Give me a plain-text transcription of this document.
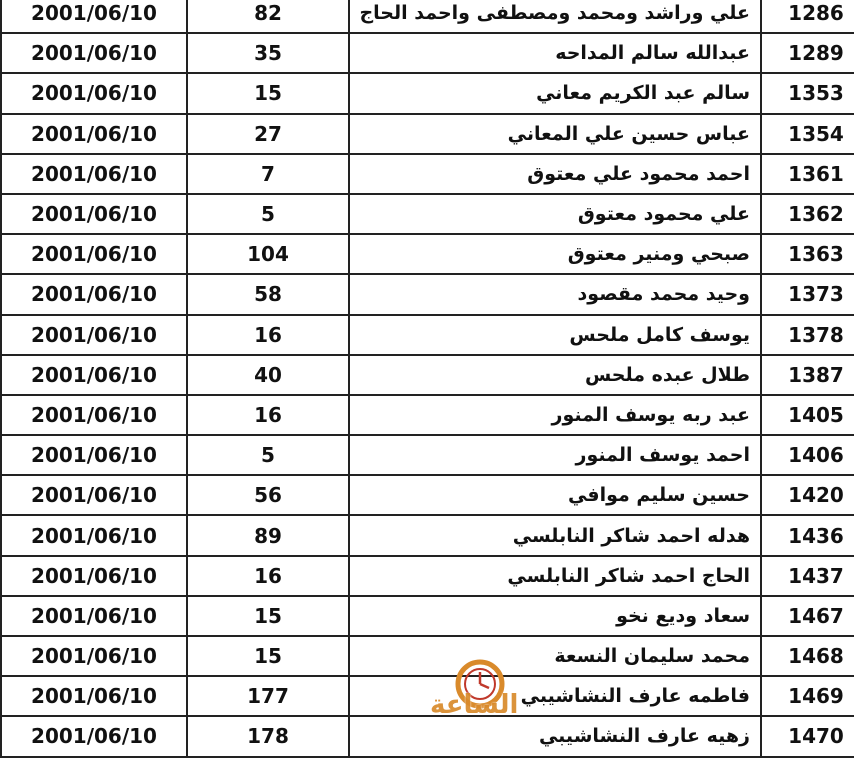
2001/06/10	82	علي وراشد ومحمد ومصطفى واحمد الحاج	1286
2001/06/10	35	عبدالله سالم المداحه	1289
2001/06/10	15	سالم عبد الكريم معاني	1353
2001/06/10	27	عباس حسين علي المعاني	1354
2001/06/10	7	احمد محمود علي معتوق	1361
2001/06/10	5	علي محمود معتوق	1362
2001/06/10	104	صبحي ومنير معتوق	1363
2001/06/10	58	وحيد محمد مقصود	1373
2001/06/10	16	يوسف كامل ملحس	1378
2001/06/10	40	طلال عبده ملحس	1387
2001/06/10	16	عبد ربه يوسف المنور	1405
2001/06/10	5	احمد يوسف المنور	1406
2001/06/10	56	حسين سليم موافي	1420
2001/06/10	89	هدله احمد شاكر النابلسي	1436
2001/06/10	16	الحاج احمد شاكر النابلسي	1437
2001/06/10	15	سعاد وديع نخو	1467
2001/06/10	15	محمد سليمان النسعة	1468
2001/06/10	177	فاطمه عارف النشاشيبي	1469
2001/06/10	178	زهيه عارف النشاشيبي	1470

الساعة
